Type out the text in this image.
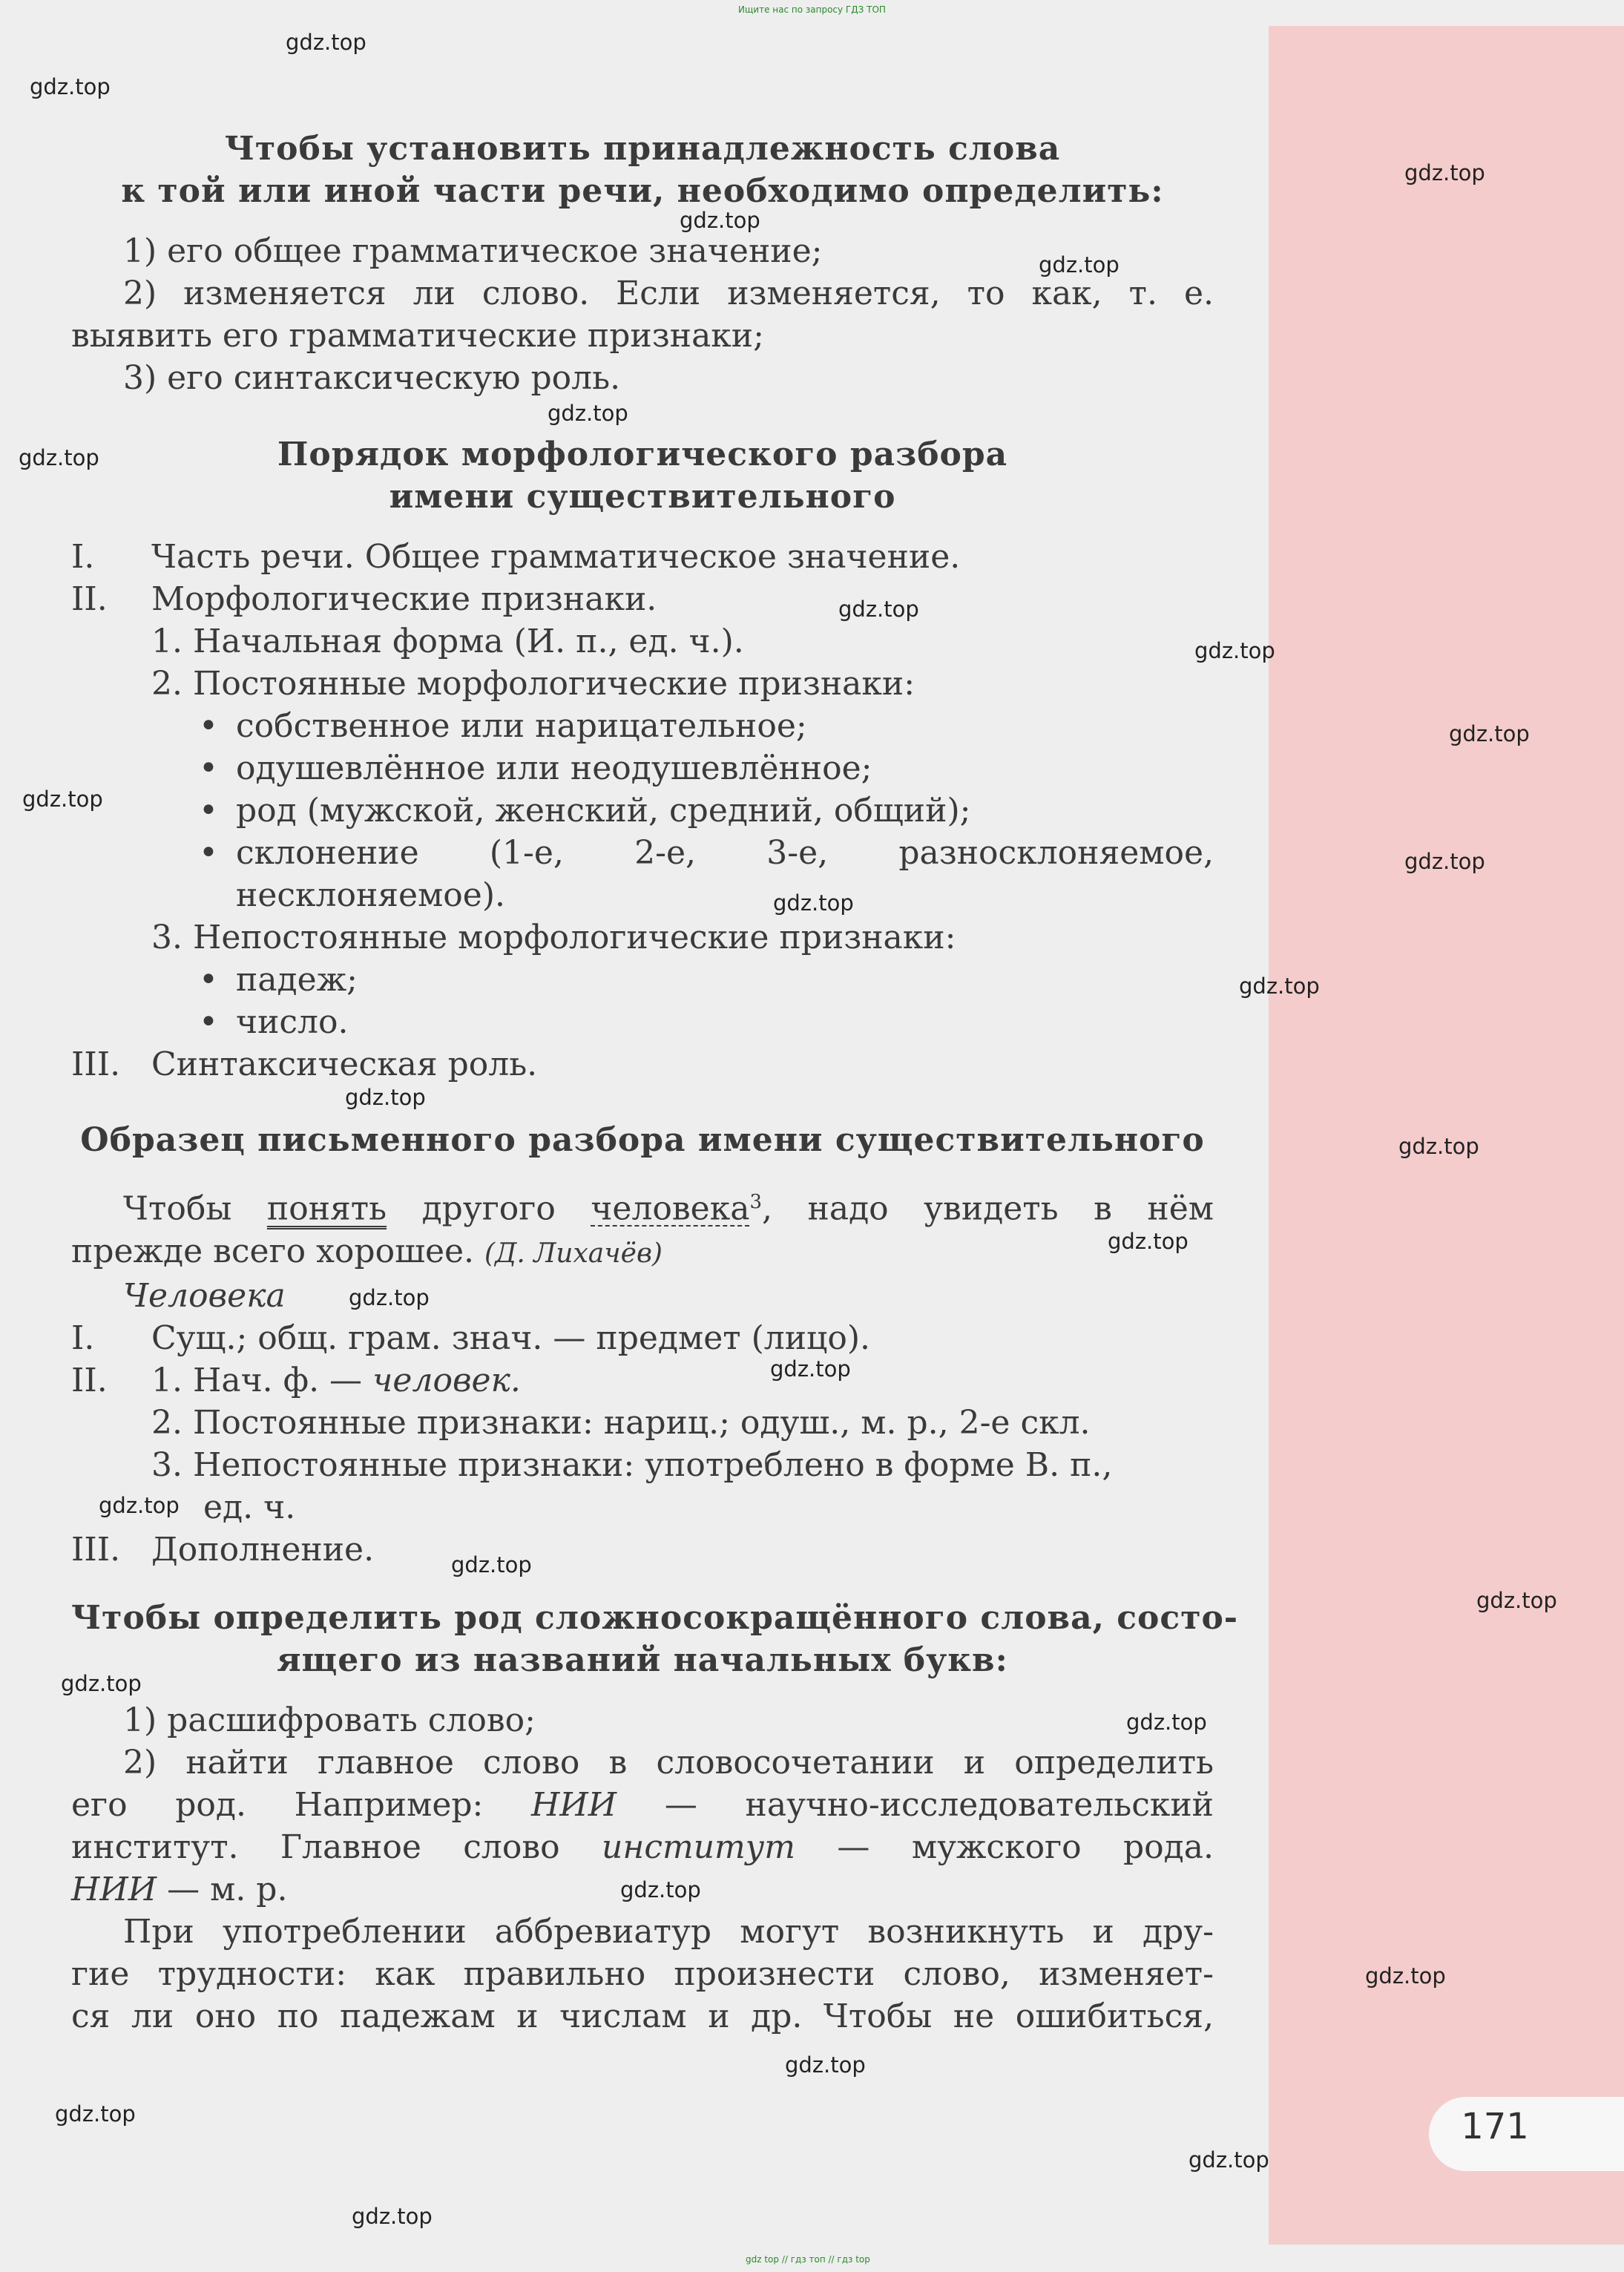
171
Ищите нас по запросу ГДЗ ТОП
gdz top // гдз топ // гдз top
Чтобы установить принадлежность слова
к той или иной части речи, необходимо определить:
1) его общее грамматическое значение;
2) изменяется ли слово. Если изменяется, то как, т. е.
выявить его грамматические признаки;
3) его синтаксическую роль.
Порядок морфологического разбора
имени существительного
I. Часть речи. Общее грамматическое значение.
II. Морфологические признаки.
1. Начальная форма (И. п., ед. ч.).
2. Постоянные морфологические признаки:
• собственное или нарицательное;
• одушевлённое или неодушевлённое;
• род (мужской, женский, средний, общий);
• склонение (1-е, 2-е, 3-е, разносклоняемое,
несклоняемое).
3. Непостоянные морфологические признаки:
• падеж;
• число.
III. Синтаксическая роль.
Образец письменного разбора имени существительного
Чтобы понять другого человека$^3$, надо увидеть в нём
прежде всего хорошее. (Д. Лихачёв)
Человека
I. Сущ.; общ. грам. знач. — предмет (лицо).
II. 1. Нач. ф. — человек.
2. Постоянные признаки: нариц.; одуш., м. р., 2-е скл.
3. Непостоянные признаки: употреблено в форме В. п.,
ед. ч.
III. Дополнение.
Чтобы определить род сложносокращённого слова, состо-
ящего из названий начальных букв:
1) расшифровать слово;
2) найти главное слово в словосочетании и определить
его род. Например: НИИ — научно-исследовательский
институт. Главное слово институт — мужского рода.
НИИ — м. р.
При употреблении аббревиатур могут возникнуть и дру-
гие трудности: как правильно произнести слово, изменяет-
ся ли оно по падежам и числам и др. Чтобы не ошибиться,
gdz.top
gdz.top
gdz.top
gdz.top
gdz.top
gdz.top
gdz.top
gdz.top
gdz.top
gdz.top
gdz.top
gdz.top
gdz.top
gdz.top
gdz.top
gdz.top
gdz.top
gdz.top
gdz.top
gdz.top
gdz.top
gdz.top
gdz.top
gdz.top
gdz.top
gdz.top
gdz.top
gdz.top
gdz.top
gdz.top
